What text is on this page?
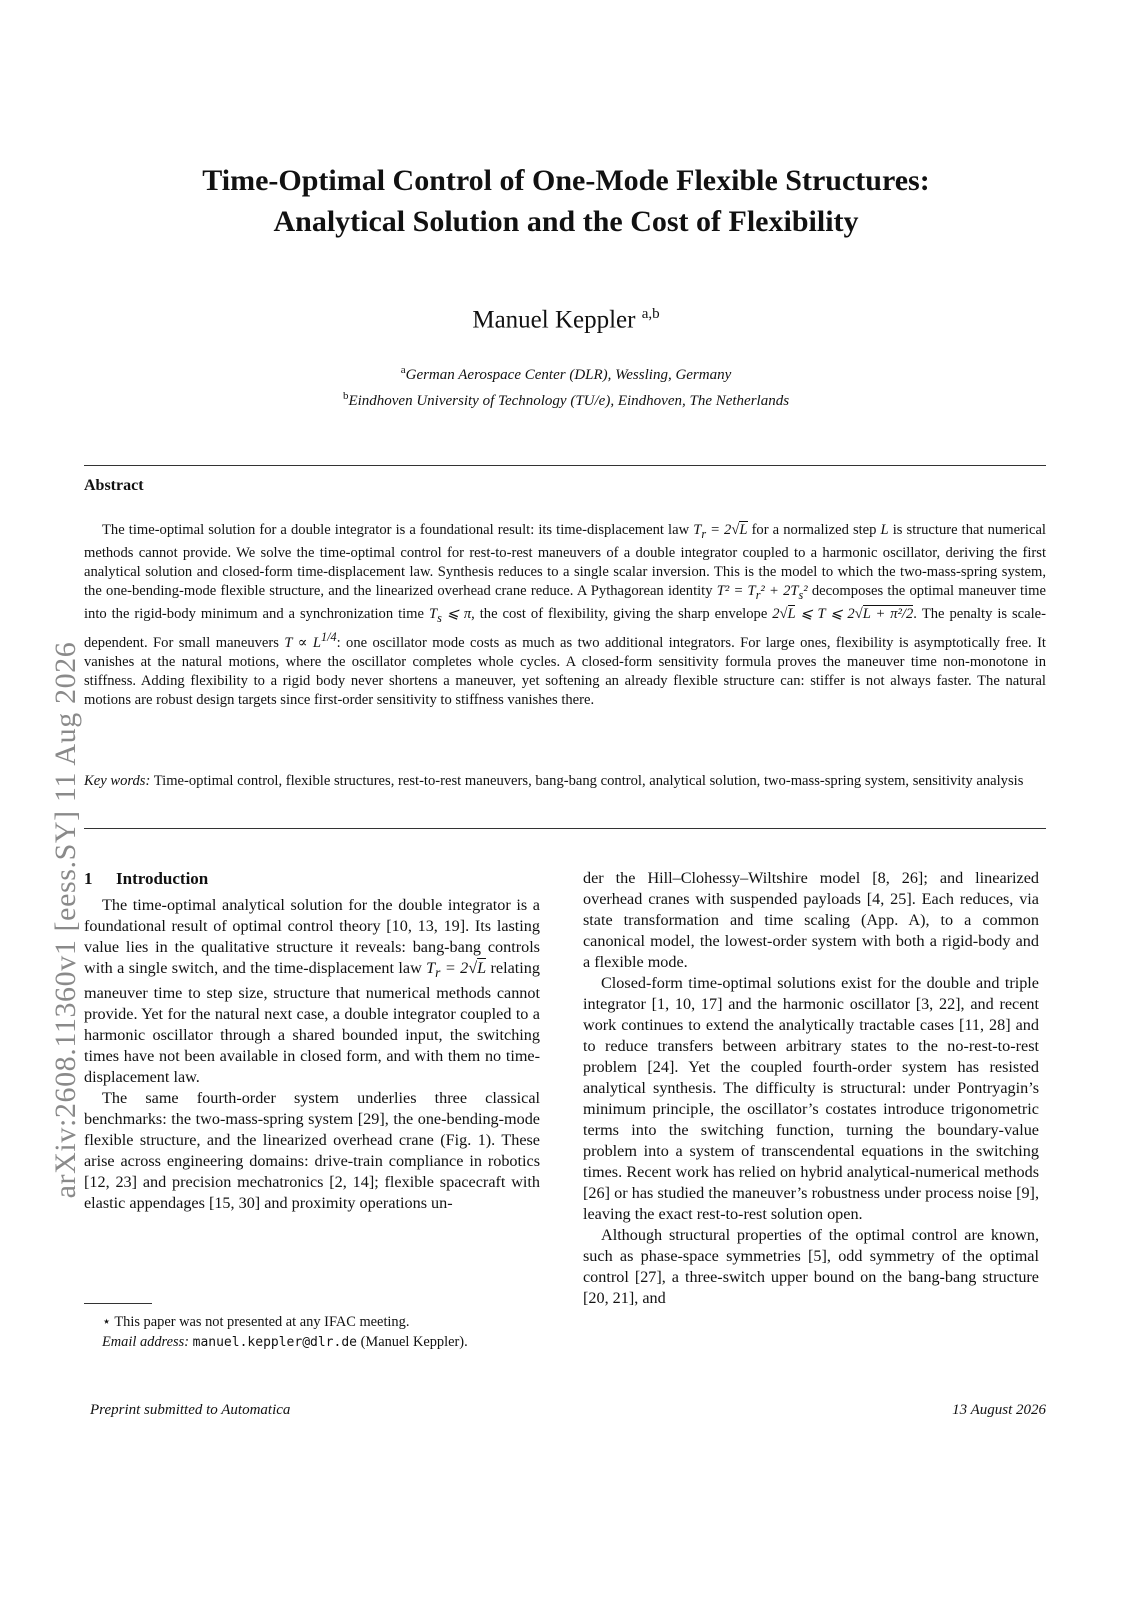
arXiv:2608.11360v1 [eess.SY] 11 Aug 2026
Time-Optimal Control of One-Mode Flexible Structures:
Analytical Solution and the Cost of Flexibility
Manuel Keppler $^{a,b}$
$^a$German Aerospace Center (DLR), Wessling, Germany
$^b$Eindhoven University of Technology (TU/e), Eindhoven, The Netherlands
Abstract
The time-optimal solution for a double integrator is a foundational result: its time-displacement law $T_r = 2√L$ for a normalized step L is structure that numerical methods cannot provide. We solve the time-optimal control for rest-to-rest maneuvers of a double integrator coupled to a harmonic oscillator, deriving the first analytical solution and closed-form time-displacement law. Synthesis reduces to a single scalar inversion. This is the model to which the two-mass-spring system, the one-bending-mode flexible structure, and the linearized overhead crane reduce. A Pythagorean identity $T^2 = T_r^2 + 2T_s^2$ decomposes the optimal maneuver time into the rigid-body minimum and a synchronization time $T_s$ ⩽ π, the cost of flexibility, giving the sharp envelope 2√L ⩽ T ⩽ 2√L + π²/2. The penalty is scale-dependent. For small maneuvers $T \propto L^{1/4}$: one oscillator mode costs as much as two additional integrators. For large ones, flexibility is asymptotically free. It vanishes at the natural motions, where the oscillator completes whole cycles. A closed-form sensitivity formula proves the maneuver time non-monotone in stiffness. Adding flexibility to a rigid body never shortens a maneuver, yet softening an already flexible structure can: stiffer is not always faster. The natural motions are robust design targets since first-order sensitivity to stiffness vanishes there.
Key words: Time-optimal control, flexible structures, rest-to-rest maneuvers, bang-bang control, analytical solution, two-mass-spring system, sensitivity analysis
1 Introduction

The time-optimal analytical solution for the double integrator is a foundational result of optimal control theory [10, 13, 19]. Its lasting value lies in the qualitative structure it reveals: bang-bang controls with a single switch, and the time-displacement law $T_r = 2√L$ relating maneuver time to step size, structure that numerical methods cannot provide. Yet for the natural next case, a double integrator coupled to a harmonic oscillator through a shared bounded input, the switching times have not been available in closed form, and with them no time-displacement law.

The same fourth-order system underlies three classical benchmarks: the two-mass-spring system [29], the one-bending-mode flexible structure, and the linearized overhead crane (Fig. 1). These arise across engineering domains: drive-train compliance in robotics [12, 23] and precision mechatronics [2, 14]; flexible spacecraft with elastic appendages [15, 30] and proximity operations un-

der the Hill–Clohessy–Wiltshire model [8, 26]; and linearized overhead cranes with suspended payloads [4, 25]. Each reduces, via state transformation and time scaling (App. A), to a common canonical model, the lowest-order system with both a rigid-body and a flexible mode.

Closed-form time-optimal solutions exist for the double and triple integrator [1, 10, 17] and the harmonic oscillator [3, 22], and recent work continues to extend the analytically tractable cases [11, 28] and to reduce transfers between arbitrary states to the no-rest-to-rest problem [24]. Yet the coupled fourth-order system has resisted analytical synthesis. The difficulty is structural: under Pontryagin’s minimum principle, the oscillator’s costates introduce trigonometric terms into the switching function, turning the boundary-value problem into a system of transcendental equations in the switching times. Recent work has relied on hybrid analytical-numerical methods [26] or has studied the maneuver’s robustness under process noise [9], leaving the exact rest-to-rest solution open.

Although structural properties of the optimal control are known, such as phase-space symmetries [5], odd symmetry of the optimal control [27], a three-switch upper bound on the bang-bang structure [20, 21], and

⋆ This paper was not presented at any IFAC meeting.
Email address: manuel.keppler@dlr.de (Manuel Keppler).
Preprint submitted to Automatica	13 August 2026
